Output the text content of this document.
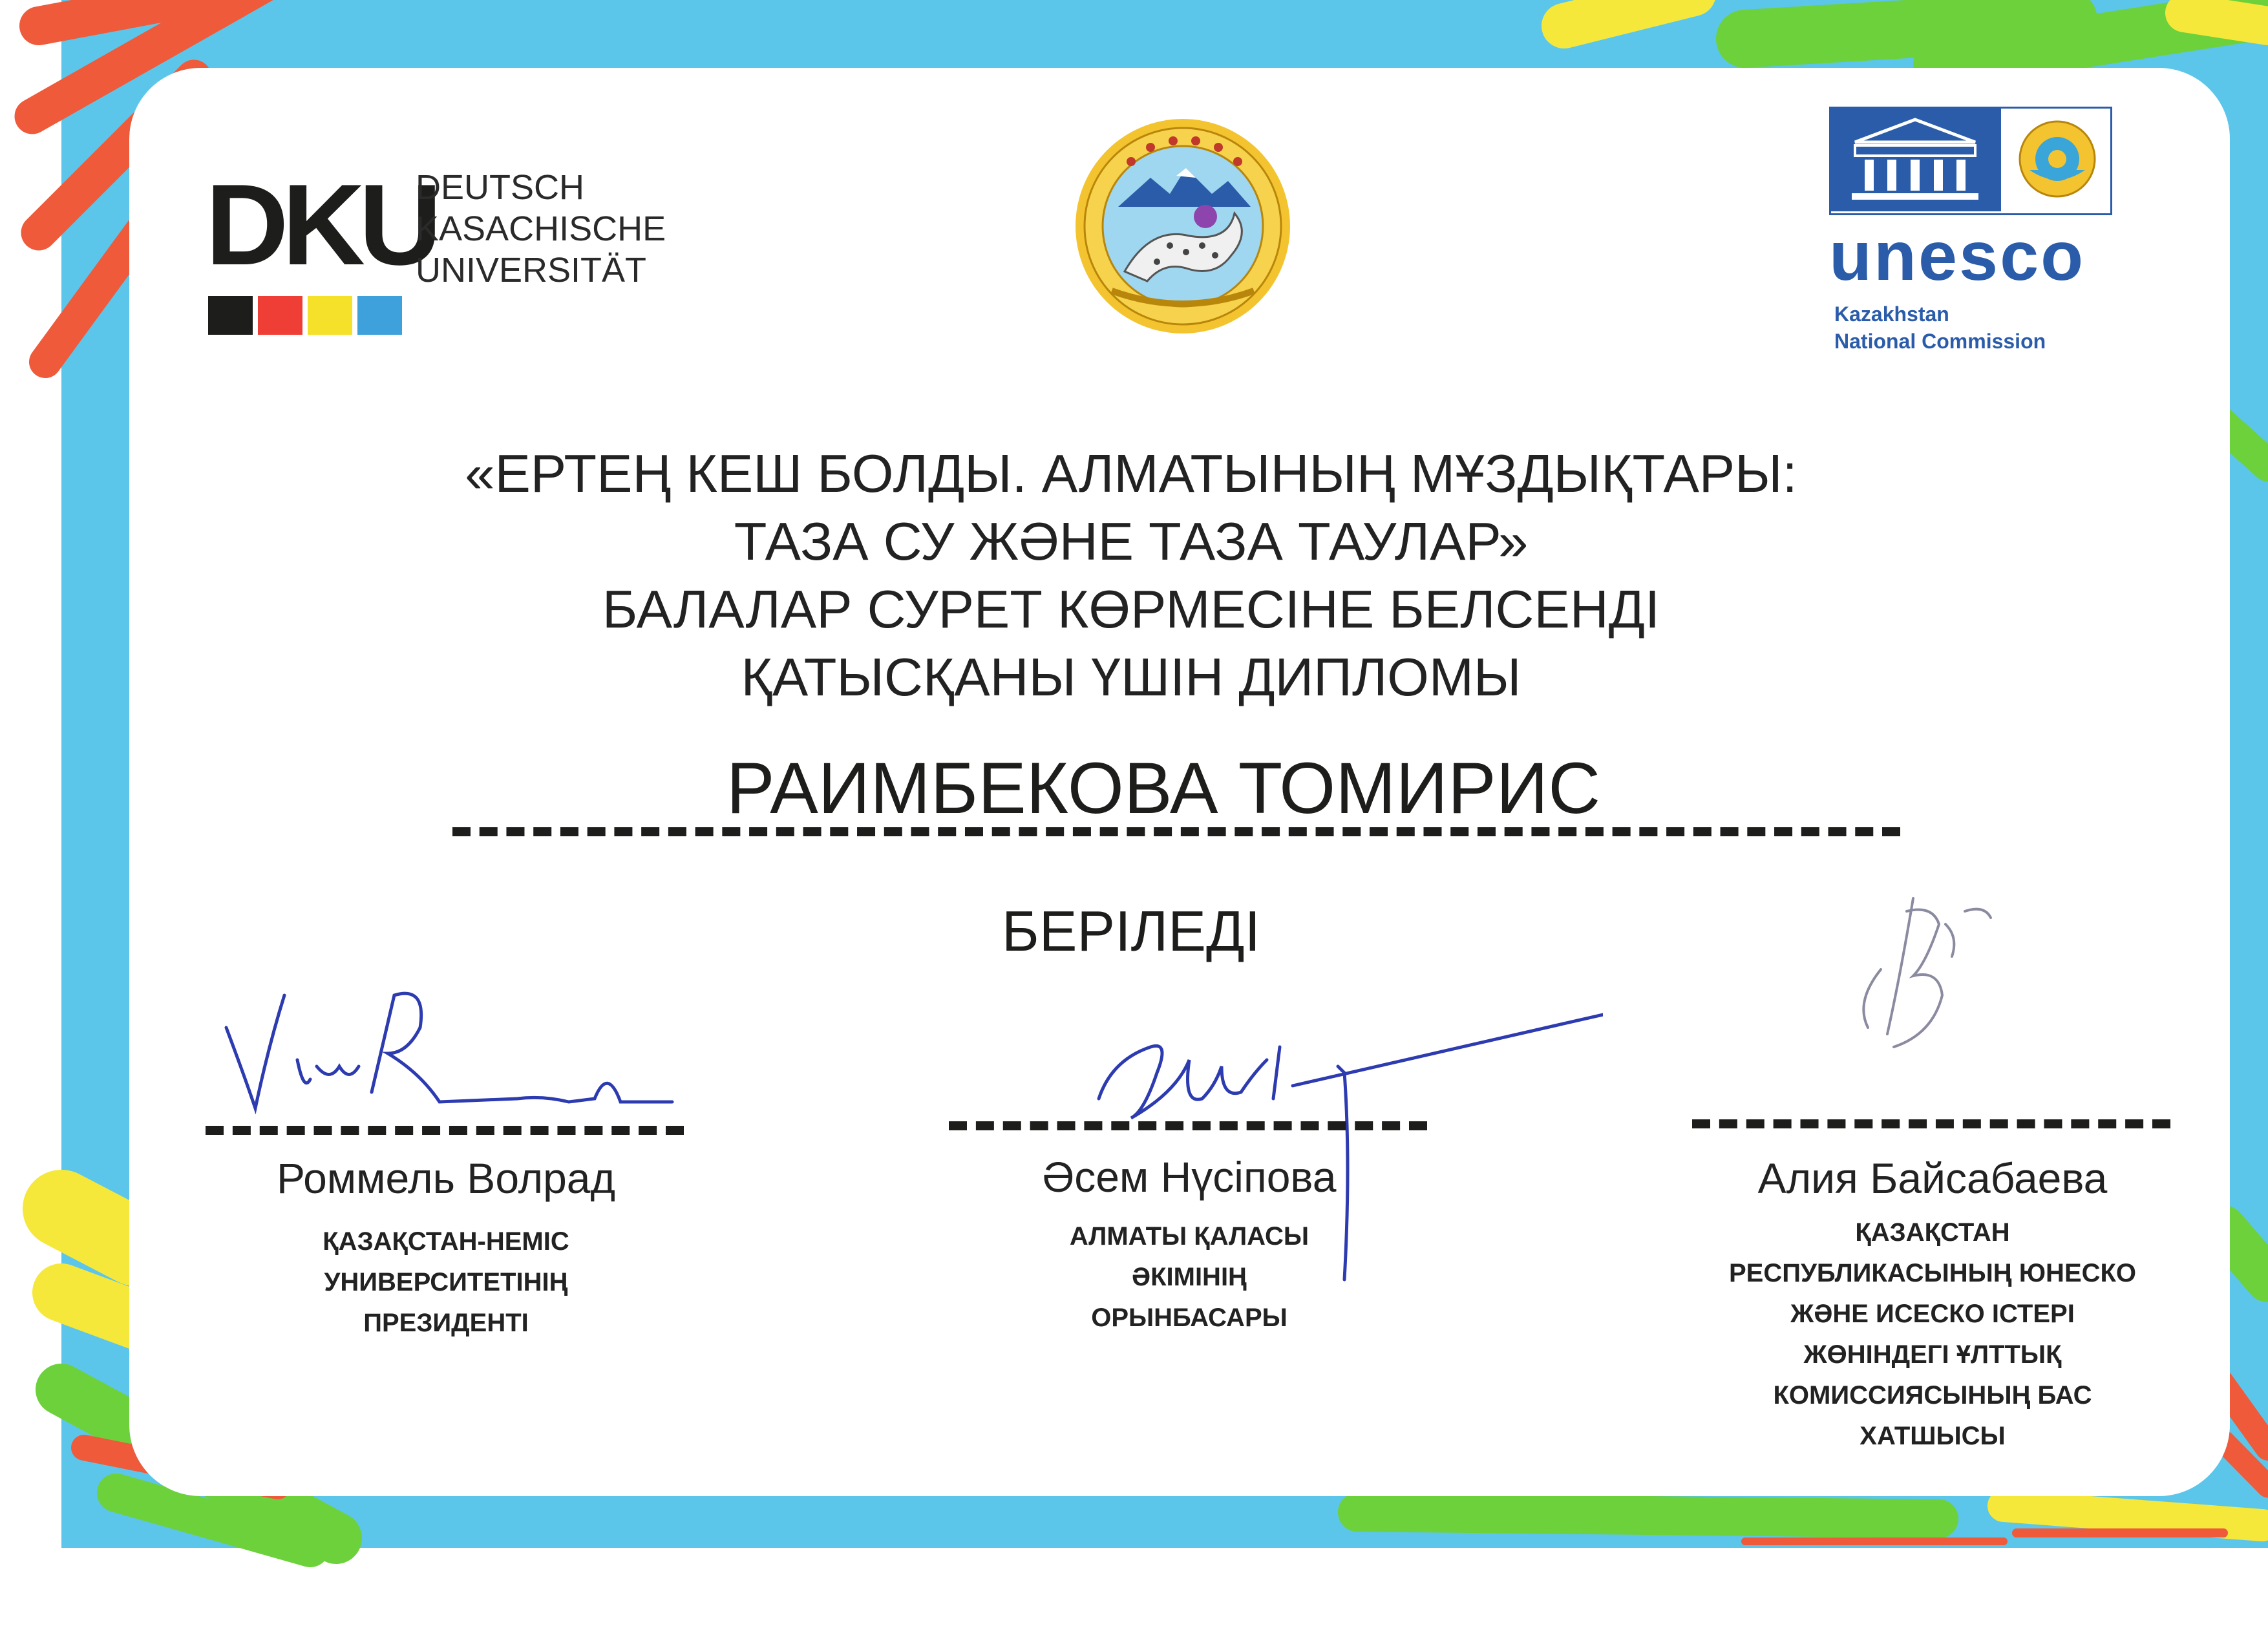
DKU
DEUTSCH
KASACHISCHE
UNIVERSITÄT	unesco
Kazakhstan
National Commission
«ЕРТЕҢ КЕШ БОЛДЫ. АЛМАТЫНЫҢ МҰЗДЫҚТАРЫ:
ТАЗА СУ ЖӘНЕ ТАЗА ТАУЛАР»
БАЛАЛАР СУРЕТ КӨРМЕСІНЕ БЕЛСЕНДІ
ҚАТЫСҚАНЫ ҮШІН ДИПЛОМЫ
РАИМБЕКОВА ТОМИРИС
БЕРІЛЕДІ
Роммель Волрад
ҚАЗАҚСТАН-НЕМІС
УНИВЕРСИТЕТІНІҢ
ПРЕЗИДЕНТІ
Әсем Нүсіпова
АЛМАТЫ ҚАЛАСЫ
ӘКІМІНІҢ
ОРЫНБАСАРЫ
Алия Байсабаева
ҚАЗАҚСТАН
РЕСПУБЛИКАСЫНЫҢ ЮНЕСКО
ЖӘНЕ ИСЕСКО ІСТЕРІ
ЖӨНІНДЕГІ ҰЛТТЫҚ
КОМИССИЯСЫНЫҢ БАС
ХАТШЫСЫ
